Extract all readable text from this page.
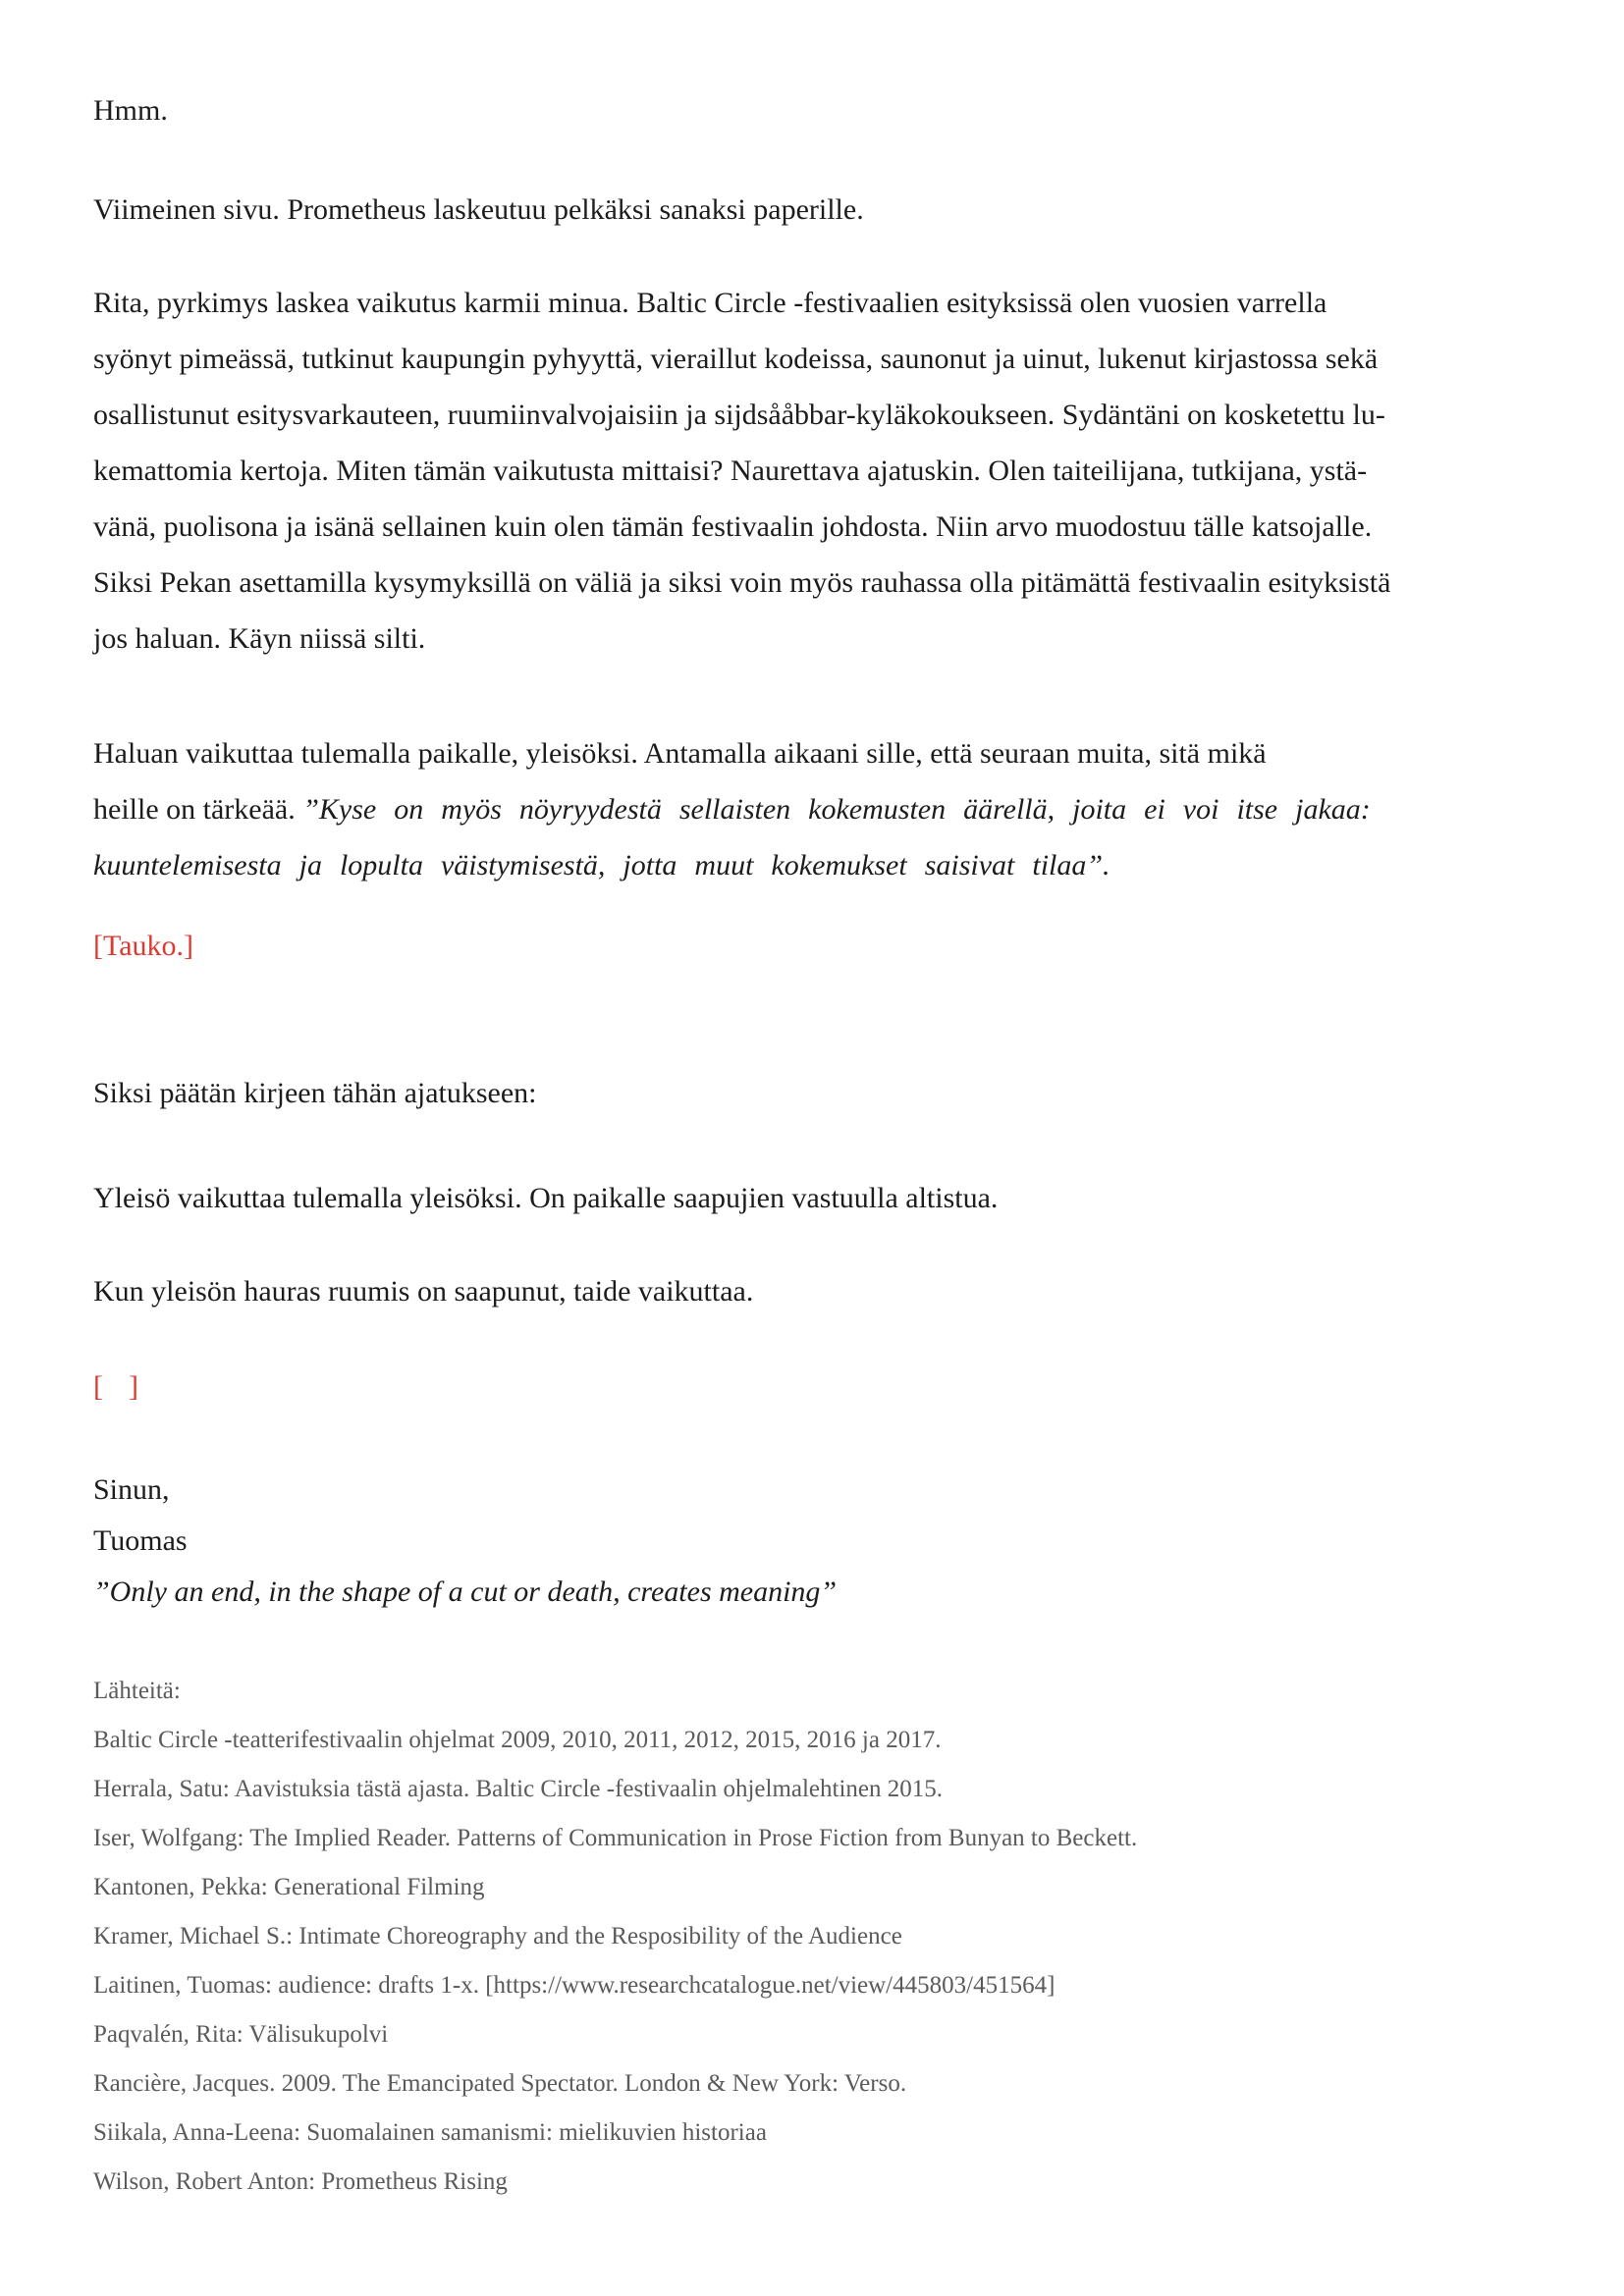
Hmm.
Viimeinen sivu. Prometheus laskeutuu pelkäksi sanaksi paperille.
Rita, pyrkimys laskea vaikutus karmii minua. Baltic Circle -festivaalien esityksissä olen vuosien varrella
syönyt pimeässä, tutkinut kaupungin pyhyyttä, vieraillut kodeissa, saunonut ja uinut, lukenut kirjastossa sekä
osallistunut esitysvarkauteen, ruumiinvalvojaisiin ja sijdsååbbar-kyläkokoukseen. Sydäntäni on kosketettu lu-
kemattomia kertoja. Miten tämän vaikutusta mittaisi? Naurettava ajatuskin. Olen taiteilijana, tutkijana, ystä-
vänä, puolisona ja isänä sellainen kuin olen tämän festivaalin johdosta. Niin arvo muodostuu tälle katsojalle.
Siksi Pekan asettamilla kysymyksillä on väliä ja siksi voin myös rauhassa olla pitämättä festivaalin esityksistä
jos haluan. Käyn niissä silti.
Haluan vaikuttaa tulemalla paikalle, yleisöksi. Antamalla aikaani sille, että seuraan muita, sitä mikä
heille on tärkeää. ”Kyse on myös nöyryydestä sellaisten kokemusten äärellä, joita ei voi itse jakaa:
kuuntelemisesta ja lopulta väistymisestä, jotta muut kokemukset saisivat tilaa”.
[Tauko.]
Siksi päätän kirjeen tähän ajatukseen:
Yleisö vaikuttaa tulemalla yleisöksi. On paikalle saapujien vastuulla altistua.
Kun yleisön hauras ruumis on saapunut, taide vaikuttaa.
[ ]
Sinun,
Tuomas
”Only an end, in the shape of a cut or death, creates meaning”
Lähteitä:
Baltic Circle -teatterifestivaalin ohjelmat 2009, 2010, 2011, 2012, 2015, 2016 ja 2017.
Herrala, Satu: Aavistuksia tästä ajasta. Baltic Circle -festivaalin ohjelmalehtinen 2015.
Iser, Wolfgang: The Implied Reader. Patterns of Communication in Prose Fiction from Bunyan to Beckett.
Kantonen, Pekka: Generational Filming
Kramer, Michael S.: Intimate Choreography and the Resposibility of the Audience
Laitinen, Tuomas: audience: drafts 1-x. [https://www.researchcatalogue.net/view/445803/451564]
Paqvalén, Rita: Välisukupolvi
Rancière, Jacques. 2009. The Emancipated Spectator. London & New York: Verso.
Siikala, Anna-Leena: Suomalainen samanismi: mielikuvien historiaa
Wilson, Robert Anton: Prometheus Rising
